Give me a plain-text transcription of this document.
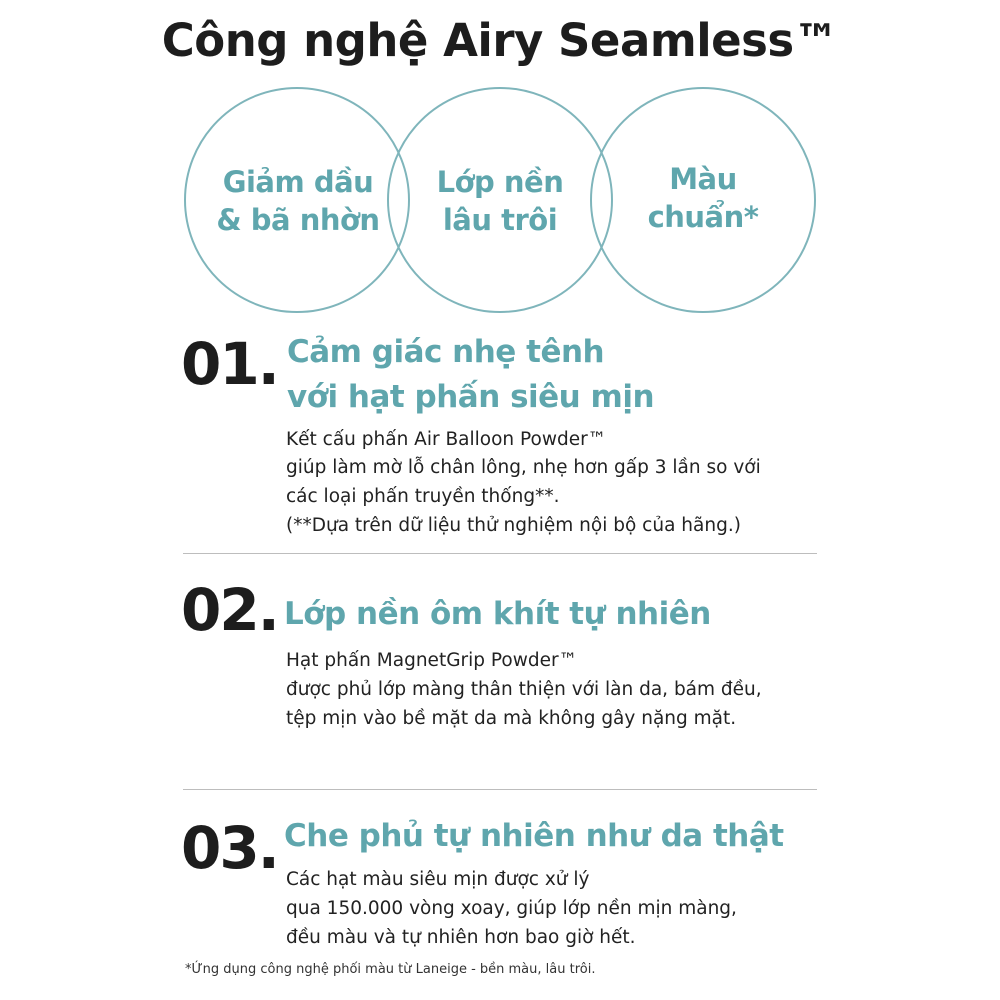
Công nghệ Airy Seamless™
Giảm dầu
& bã nhờn
Lớp nền
lâu trôi
Màu
chuẩn*
01. Cảm giác nhẹ tênh
với hạt phấn siêu mịn
Kết cấu phấn Air Balloon Powder™
giúp làm mờ lỗ chân lông, nhẹ hơn gấp 3 lần so với
các loại phấn truyền thống**.
(**Dựa trên dữ liệu thử nghiệm nội bộ của hãng.)
02. Lớp nền ôm khít tự nhiên
Hạt phấn MagnetGrip Powder™
được phủ lớp màng thân thiện với làn da, bám đều,
tệp mịn vào bề mặt da mà không gây nặng mặt.
03. Che phủ tự nhiên như da thật
Các hạt màu siêu mịn được xử lý
qua 150.000 vòng xoay, giúp lớp nền mịn màng,
đều màu và tự nhiên hơn bao giờ hết.
*Ứng dụng công nghệ phối màu từ Laneige - bền màu, lâu trôi.
